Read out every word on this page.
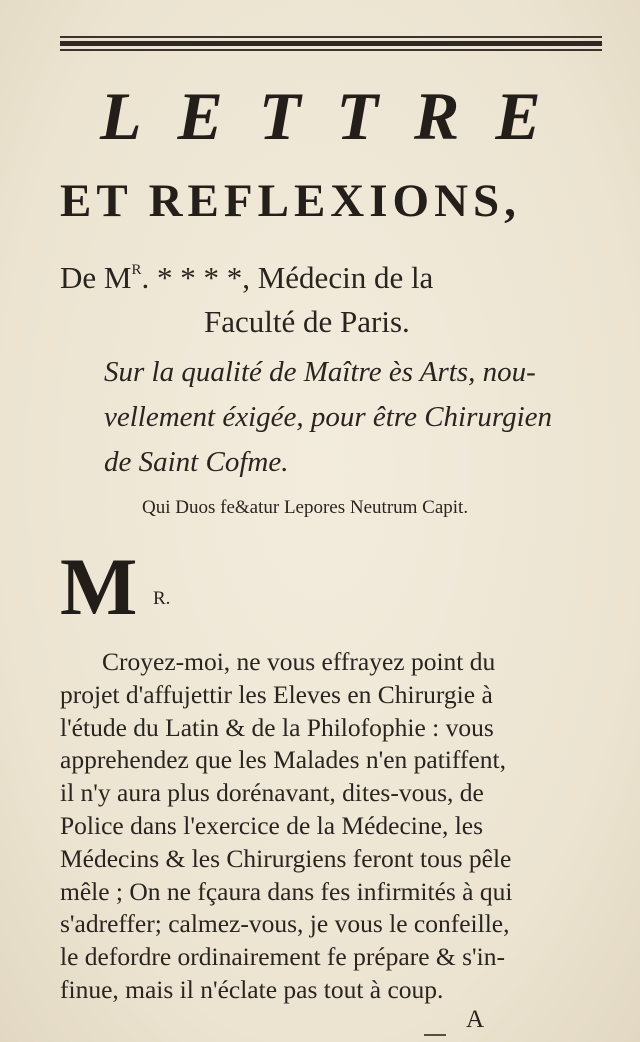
LETTRE
ET REFLEXIONS,
De $M^R$. * * * *, Médecin de la
Faculté de Paris.
Sur la qualité de Maître ès Arts, nou-
vellement éxigée, pour être Chirurgien
de Saint Cofme.
Qui Duos fe&atur Lepores Neutrum Capit.
M R.
Croyez-moi, ne vous effrayez point du
projet d'affujettir les Eleves en Chirurgie à
l'étude du Latin & de la Philofophie : vous
apprehendez que les Malades n'en patiffent,
il n'y aura plus dorénavant, dites-vous, de
Police dans l'exercice de la Médecine, les
Médecins & les Chirurgiens feront tous pêle
mêle ; On ne fçaura dans fes infirmités à qui
s'adreffer; calmez-vous, je vous le confeille,
le defordre ordinairement fe prépare & s'in-
finue, mais il n'éclate pas tout à coup.
A
